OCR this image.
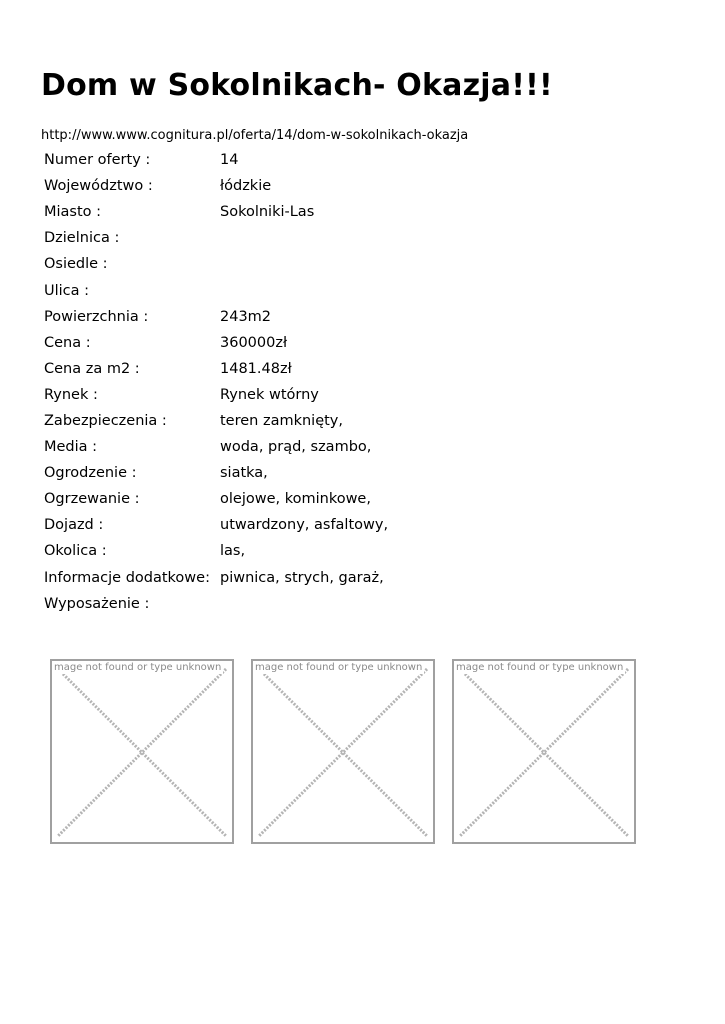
Dom w Sokolnikach- Okazja!!!
http://www.www.cognitura.pl/oferta/14/dom-w-sokolnikach-okazja
Numer oferty :	14
Województwo :	łódzkie
Miasto :	Sokolniki-Las
Dzielnica :	
Osiedle :	
Ulica :	
Powierzchnia :	243m2
Cena :	360000zł
Cena za m2 :	1481.48zł
Rynek :	Rynek wtórny
Zabezpieczenia :	teren zamknięty,
Media :	woda, prąd, szambo,
Ogrodzenie :	siatka,
Ogrzewanie :	olejowe, kominkowe,
Dojazd :	utwardzony, asfaltowy,
Okolica :	las,
Informacje dodatkowe:	piwnica, strych, garaż,
Wyposażenie :	
mage not found or type unknown	mage not found or type unknown	mage not found or type unknown
